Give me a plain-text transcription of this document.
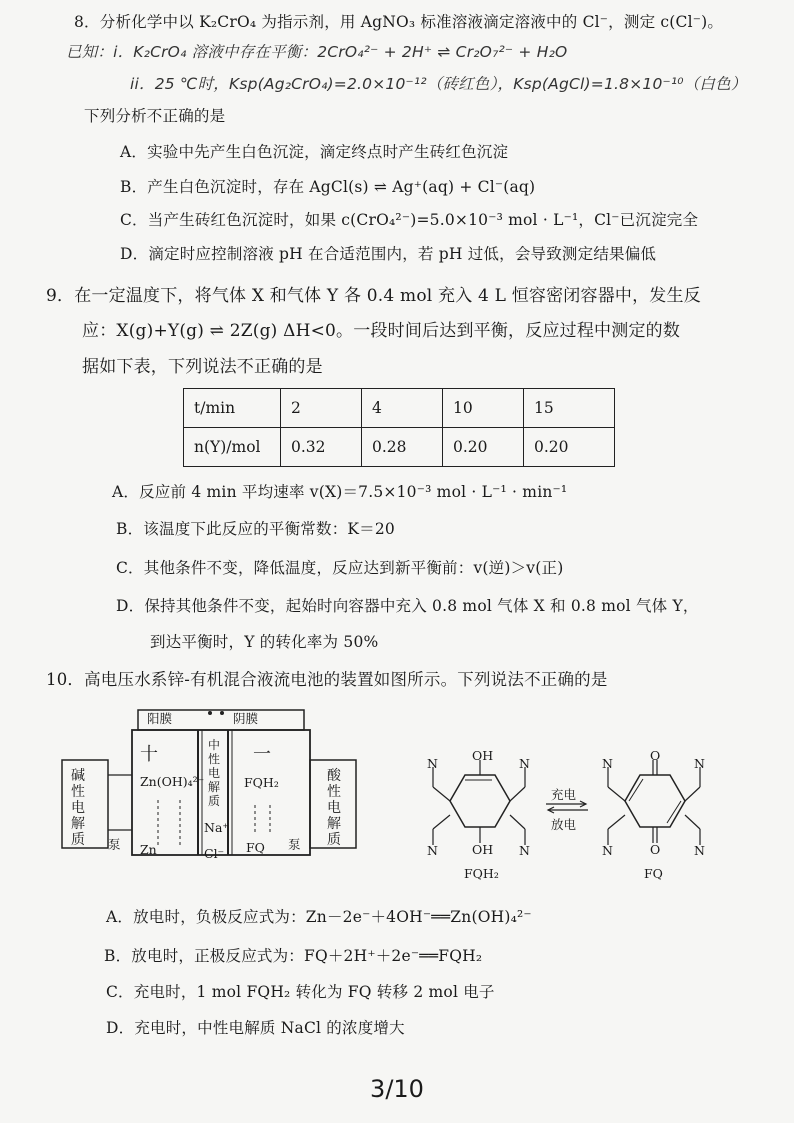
8．分析化学中以 K₂CrO₄ 为指示剂，用 AgNO₃ 标准溶液滴定溶液中的 Cl⁻，测定 c(Cl⁻)。
已知：i．K₂CrO₄ 溶液中存在平衡：2CrO₄²⁻ + 2H⁺ ⇌ Cr₂O₇²⁻ + H₂O
ii．25 ℃时，Ksp(Ag₂CrO₄)=2.0×10⁻¹²（砖红色），Ksp(AgCl)=1.8×10⁻¹⁰（白色）
下列分析不正确的是
A．实验中先产生白色沉淀，滴定终点时产生砖红色沉淀
B．产生白色沉淀时，存在 AgCl(s) ⇌ Ag⁺(aq) + Cl⁻(aq)
C．当产生砖红色沉淀时，如果 c(CrO₄²⁻)=5.0×10⁻³ mol · L⁻¹，Cl⁻已沉淀完全
D．滴定时应控制溶液 pH 在合适范围内，若 pH 过低，会导致测定结果偏低
9．在一定温度下，将气体 X 和气体 Y 各 0.4 mol 充入 4 L 恒容密闭容器中，发生反
应：X(g)+Y(g) ⇌ 2Z(g) ΔH<0。一段时间后达到平衡，反应过程中测定的数
据如下表，下列说法不正确的是
t/min	2	4	10	15
n(Y)/mol	0.32	0.28	0.20	0.20
A．反应前 4 min 平均速率 v(X)＝7.5×10⁻³ mol · L⁻¹ · min⁻¹
B．该温度下此反应的平衡常数：K＝20
C．其他条件不变，降低温度，反应达到新平衡前：v(逆)＞v(正)
D．保持其他条件不变，起始时向容器中充入 0.8 mol 气体 X 和 0.8 mol 气体 Y，
到达平衡时，Y 的转化率为 50%
10．高电压水系锌-有机混合液流电池的装置如图所示。下列说法不正确的是
阳膜	阴膜
碱性电解质
酸性电解质
中性电解质
十	一
Zn(OH)₄²⁻
Zn
FQH₂
FQ
Na⁺
Cl⁻
泵	泵
OH
OH
N	N
N	N
FQH₂
充电
放电
O
O
N	N
N	N
FQ
A．放电时，负极反应式为：Zn－2e⁻＋4OH⁻══Zn(OH)₄²⁻
B．放电时，正极反应式为：FQ＋2H⁺＋2e⁻══FQH₂
C．充电时，1 mol FQH₂ 转化为 FQ 转移 2 mol 电子
D．充电时，中性电解质 NaCl 的浓度增大
3/10
